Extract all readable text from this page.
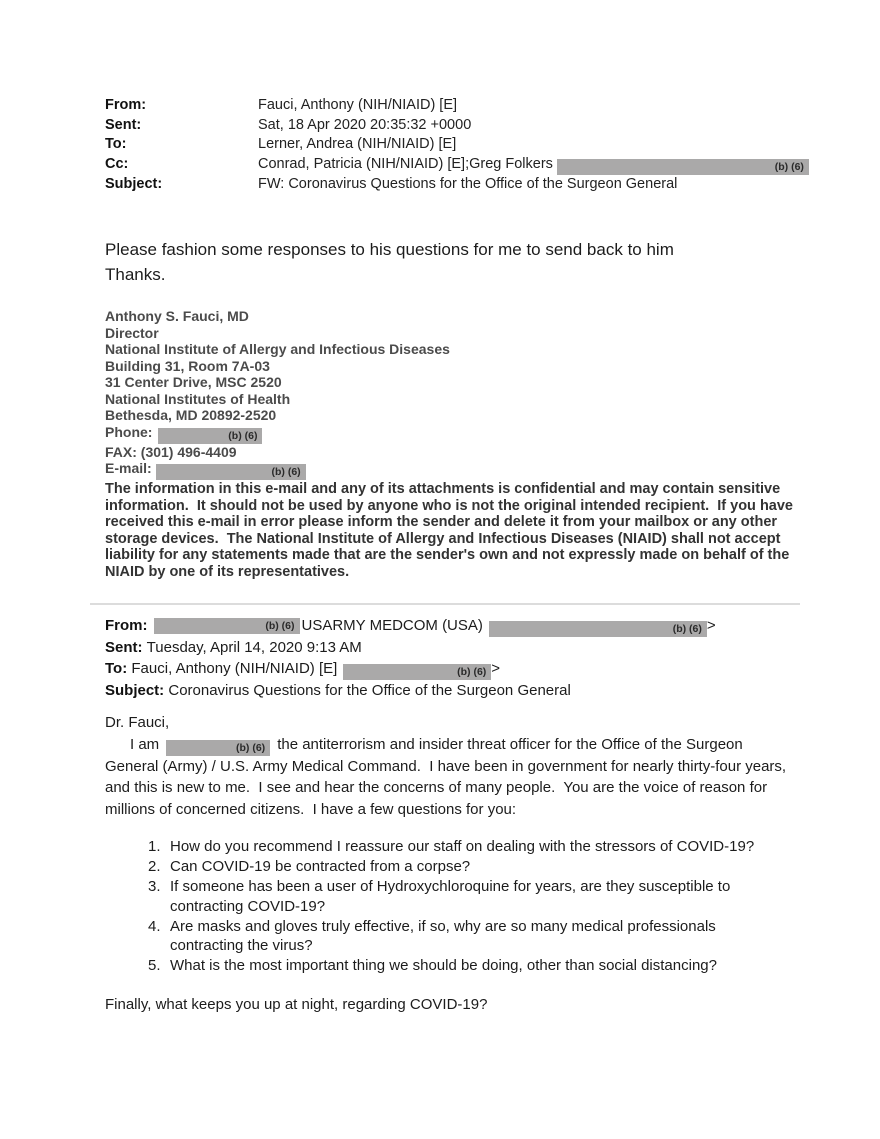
From:	Fauci, Anthony (NIH/NIAID) [E]
Sent:	Sat, 18 Apr 2020 20:35:32 +0000
To:	Lerner, Andrea (NIH/NIAID) [E]
Cc:	Conrad, Patricia (NIH/NIAID) [E];Greg Folkers	(b) (6)
Subject:	FW: Coronavirus Questions for the Office of the Surgeon General
Please fashion some responses to his questions for me to send back to him
Thanks.
Anthony S. Fauci, MD
Director
National Institute of Allergy and Infectious Diseases
Building 31, Room 7A-03
31 Center Drive, MSC 2520
National Institutes of Health
Bethesda, MD 20892-2520
Phone:	(b) (6)
FAX: (301) 496-4409
E-mail:	(b) (6)
The information in this e-mail and any of its attachments is confidential and may contain sensitive information.  It should not be used by anyone who is not the original intended recipient.  If you have received this e-mail in error please inform the sender and delete it from your mailbox or any other storage devices.  The National Institute of Allergy and Infectious Diseases (NIAID) shall not accept liability for any statements made that are the sender's own and not expressly made on behalf of the NIAID by one of its representatives.
From:	(b) (6) USARMY MEDCOM (USA)	(b) (6) >
Sent: Tuesday, April 14, 2020 9:13 AM
To: Fauci, Anthony (NIH/NIAID) [E]	(b) (6) >
Subject: Coronavirus Questions for the Office of the Surgeon General
Dr. Fauci,
I am	(b) (6) the antiterrorism and insider threat officer for the Office of the Surgeon General (Army) / U.S. Army Medical Command.  I have been in government for nearly thirty-four years, and this is new to me.  I see and hear the concerns of many people.  You are the voice of reason for millions of concerned citizens.  I have a few questions for you:
1. How do you recommend I reassure our staff on dealing with the stressors of COVID-19?
2. Can COVID-19 be contracted from a corpse?
3. If someone has been a user of Hydroxychloroquine for years, are they susceptible to contracting COVID-19?
4. Are masks and gloves truly effective, if so, why are so many medical professionals contracting the virus?
5. What is the most important thing we should be doing, other than social distancing?
Finally, what keeps you up at night, regarding COVID-19?
